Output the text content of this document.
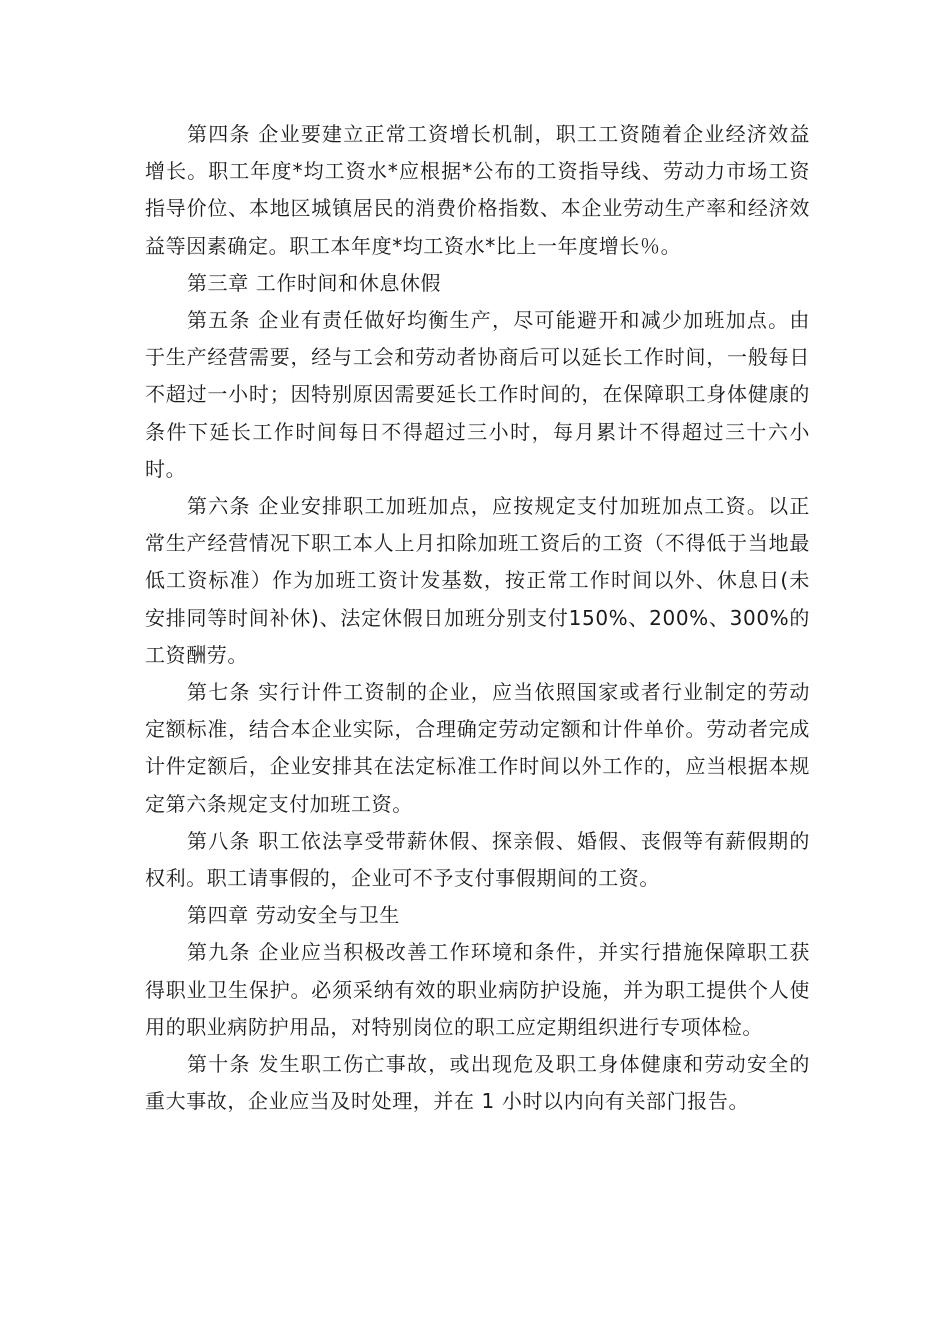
第四条 企业要建立正常工资增长机制，职工工资随着企业经济效益增长。职工年度*均工资水*应根据*公布的工资指导线、劳动力市场工资指导价位、本地区城镇居民的消费价格指数、本企业劳动生产率和经济效益等因素确定。职工本年度*均工资水*比上一年度增长％。

第三章 工作时间和休息休假

第五条 企业有责任做好均衡生产，尽可能避开和减少加班加点。由于生产经营需要，经与工会和劳动者协商后可以延长工作时间，一般每日不超过一小时；因特别原因需要延长工作时间的，在保障职工身体健康的条件下延长工作时间每日不得超过三小时，每月累计不得超过三十六小时。

第六条 企业安排职工加班加点，应按规定支付加班加点工资。以正常生产经营情况下职工本人上月扣除加班工资后的工资（不得低于当地最低工资标准）作为加班工资计发基数，按正常工作时间以外、休息日(未安排同等时间补休)、法定休假日加班分别支付150%、200%、300%的工资酬劳。

第七条 实行计件工资制的企业，应当依照国家或者行业制定的劳动定额标准，结合本企业实际，合理确定劳动定额和计件单价。劳动者完成计件定额后，企业安排其在法定标准工作时间以外工作的，应当根据本规定第六条规定支付加班工资。

第八条 职工依法享受带薪休假、探亲假、婚假、丧假等有薪假期的权利。职工请事假的，企业可不予支付事假期间的工资。

第四章 劳动安全与卫生

第九条 企业应当积极改善工作环境和条件，并实行措施保障职工获得职业卫生保护。必须采纳有效的职业病防护设施，并为职工提供个人使用的职业病防护用品，对特别岗位的职工应定期组织进行专项体检。

第十条 发生职工伤亡事故，或出现危及职工身体健康和劳动安全的重大事故，企业应当及时处理，并在 1 小时以内向有关部门报告。
